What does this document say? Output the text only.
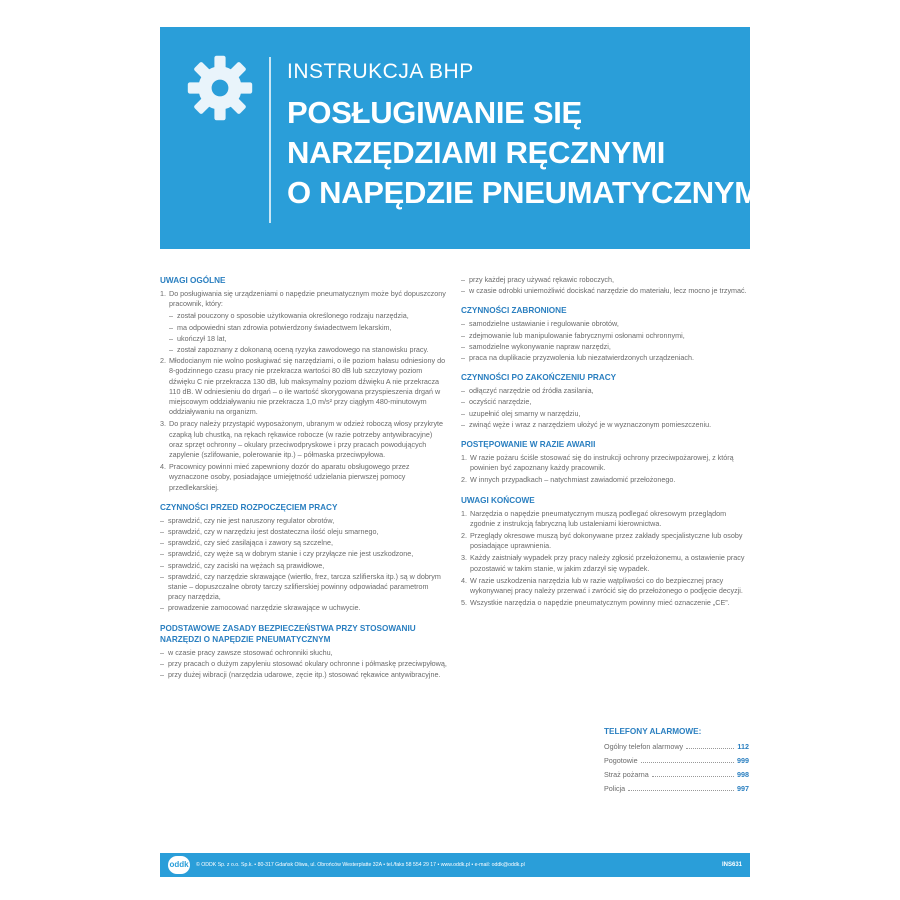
INSTRUKCJA BHP
POSŁUGIWANIE SIĘ
NARZĘDZIAMI RĘCZNYMI
O NAPĘDZIE PNEUMATYCZNYM
UWAGI OGÓLNE
1. Do posługiwania się urządzeniami o napędzie pneumatycznym może być dopuszczony pracownik, który:
– został pouczony o sposobie użytkowania określonego rodzaju narzędzia,
– ma odpowiedni stan zdrowia potwierdzony świadectwem lekarskim,
– ukończył 18 lat,
– został zapoznany z dokonaną oceną ryzyka zawodowego na stanowisku pracy.
2. Młodocianym nie wolno posługiwać się narzędziami, o ile poziom hałasu odniesiony do 8-godzinnego czasu pracy nie przekracza wartości 80 dB lub szczytowy poziom dźwięku C nie przekracza 130 dB, lub maksymalny poziom dźwięku A nie przekracza 110 dB. W odniesieniu do drgań – o ile wartość skorygowana przyspieszenia drgań w miejscowym oddziaływaniu nie przekracza 1,0 m/s² przy ciągłym 480-minutowym oddziaływaniu na organizm.
3. Do pracy należy przystąpić wyposażonym, ubranym w odzież roboczą włosy przykryte czapką lub chustką, na rękach rękawice robocze (w razie potrzeby antywibracyjne) oraz sprzęt ochronny – okulary przeciwodpryskowe i przy pracach powodujących zapylenie (szlifowanie, polerowanie itp.) – półmaska przeciwpyłowa.
4. Pracownicy powinni mieć zapewniony dozór do aparatu obsługowego przez wyznaczone osoby, posiadające umiejętność udzielania pierwszej pomocy przedlekarskiej.
CZYNNOŚCI PRZED ROZPOCZĘCIEM PRACY
– sprawdzić, czy nie jest naruszony regulator obrotów,
– sprawdzić, czy w narzędziu jest dostateczna ilość oleju smarnego,
– sprawdzić, czy sieć zasilająca i zawory są szczelne,
– sprawdzić, czy węże są w dobrym stanie i czy przyłącze nie jest uszkodzone,
– sprawdzić, czy zaciski na wężach są prawidłowe,
– sprawdzić, czy narzędzie skrawające (wiertło, frez, tarcza szlifierska itp.) są w dobrym stanie – dopuszczalne obroty tarczy szlifierskiej powinny odpowiadać parametrom pracy narzędzia,
– prowadzenie zamocować narzędzie skrawające w uchwycie.
PODSTAWOWE ZASADY BEZPIECZEŃSTWA PRZY STOSOWANIU NARZĘDZI O NAPĘDZIE PNEUMATYCZNYM
– w czasie pracy zawsze stosować ochronniki słuchu,
– przy pracach o dużym zapyleniu stosować okulary ochronne i półmaskę przeciwpyłową,
– przy dużej wibracji (narzędzia udarowe, zęcie itp.) stosować rękawice antywibracyjne.
– przy każdej pracy używać rękawic roboczych,
– w czasie odrobki uniemożliwić dociskać narzędzie do materiału, lecz mocno je trzymać.
CZYNNOŚCI ZABRONIONE
– samodzielne ustawianie i regulowanie obrotów,
– zdejmowanie lub manipulowanie fabrycznymi osłonami ochronnymi,
– samodzielne wykonywanie napraw narzędzi,
– praca na duplikacie przyzwolenia lub niezatwierdzonych urządzeniach.
CZYNNOŚCI PO ZAKOŃCZENIU PRACY
– odłączyć narzędzie od źródła zasilania,
– oczyścić narzędzie,
– uzupełnić olej smarny w narzędziu,
– zwinąć węże i wraz z narzędziem ułożyć je w wyznaczonym pomieszczeniu.
POSTĘPOWANIE W RAZIE AWARII
1. W razie pożaru ściśle stosować się do instrukcji ochrony przeciwpożarowej, z którą powinien być zapoznany każdy pracownik.
2. W innych przypadkach – natychmiast zawiadomić przełożonego.
UWAGI KOŃCOWE
1. Narzędzia o napędzie pneumatycznym muszą podlegać okresowym przeglądom zgodnie z instrukcją fabryczną lub ustaleniami kierownictwa.
2. Przeglądy okresowe muszą być dokonywane przez zakłady specjalistyczne lub osoby posiadające uprawnienia.
3. Każdy zaistniały wypadek przy pracy należy zgłosić przełożonemu, a ostawienie pracy pozostawić w takim stanie, w jakim zdarzył się wypadek.
4. W razie uszkodzenia narzędzia lub w razie wątpliwości co do bezpiecznej pracy wykonywanej pracy należy przerwać i zwrócić się do przełożonego o podjęcie decyzji.
5. Wszystkie narzędzia o napędzie pneumatycznym powinny mieć oznaczenie „CE”.
TELEFONY ALARMOWE:
Ogólny telefon alarmowy	112
Pogotowie	999
Straż pożarna	998
Policja	997
oddk © ODDK Sp. z o.o. Sp.k. • 80-317 Gdańsk Oliwa, ul. Obrońców Westerplatte 32A • tel./faks 58 554 29 17 • www.oddk.pl • e-mail: oddk@oddk.pl	INS631
